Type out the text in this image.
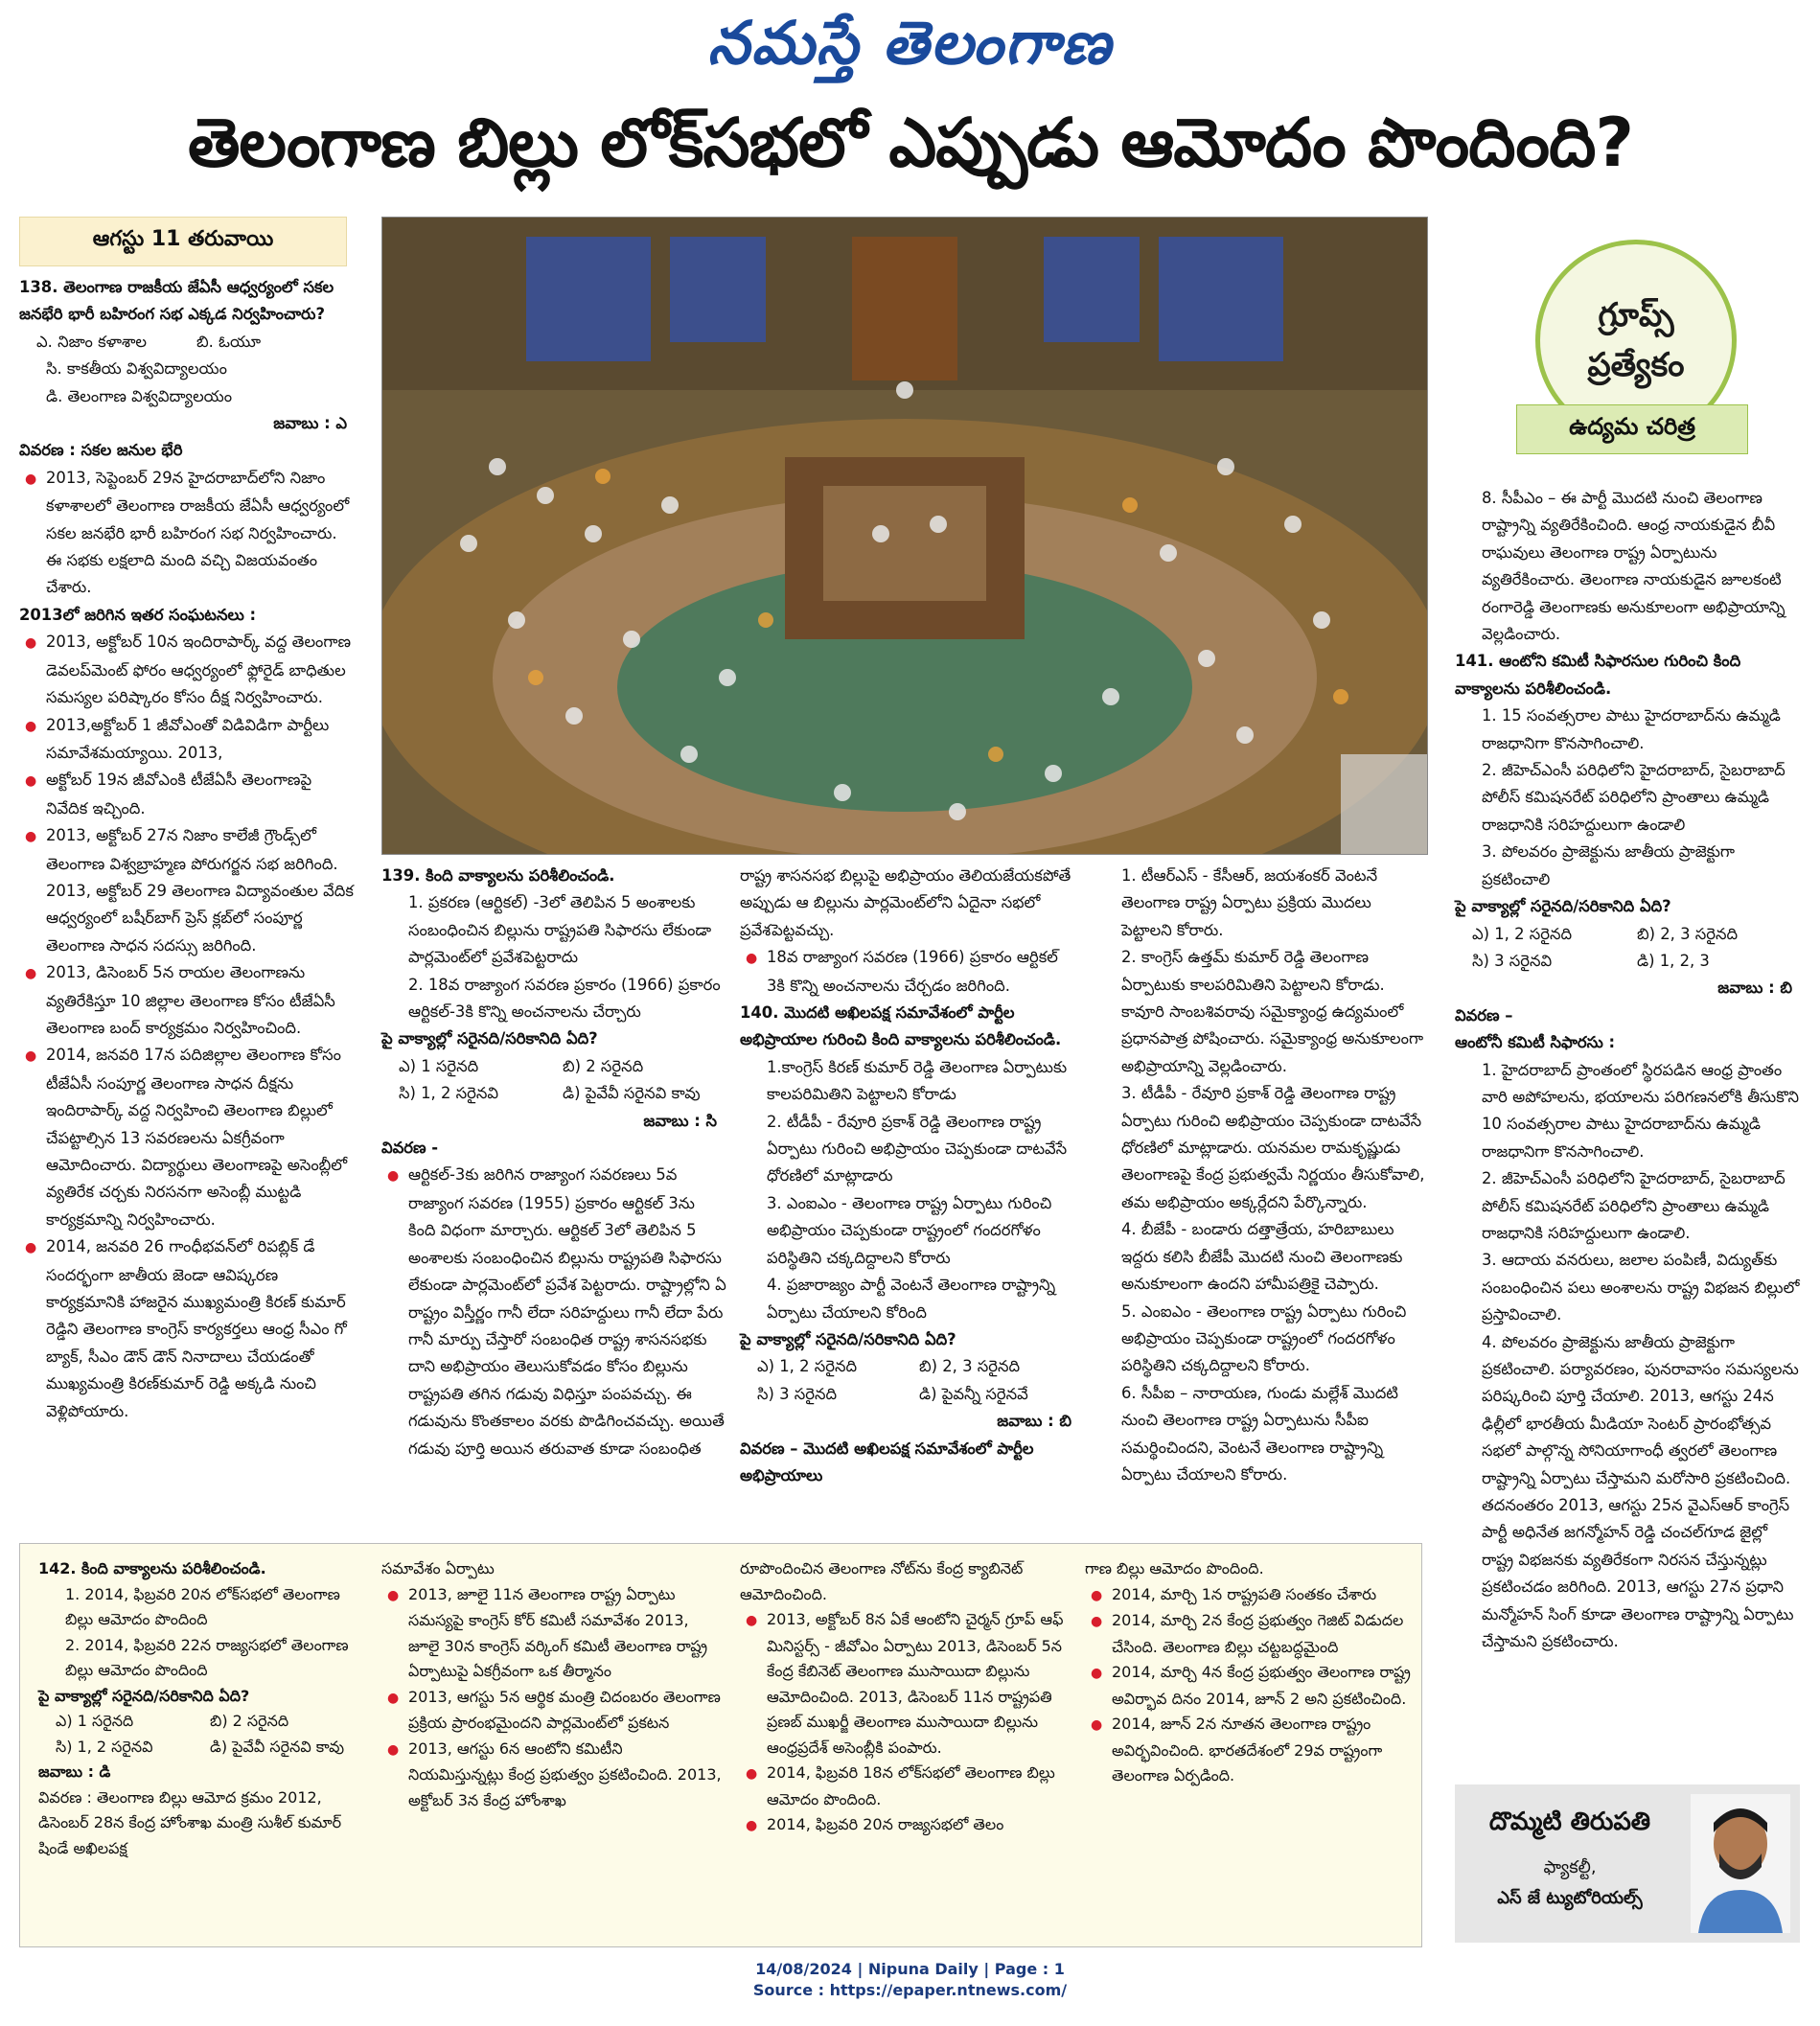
నమస్తే తెలంగాణ
తెలంగాణ బిల్లు లోక్‌సభలో ఎప్పుడు ఆమోదం పొందింది?
ఆగస్టు 11 తరువాయి

138. తెలంగాణ రాజకీయ జేఏసీ ఆధ్వర్యంలో సకల జనభేరి భారీ బహిరంగ సభ ఎక్కడ నిర్వహించారు?

ఎ. నిజాం కళాశాల	బి. ఓయూ

సి. కాకతీయ విశ్వవిద్యాలయం

డి. తెలంగాణ విశ్వవిద్యాలయం

జవాబు : ఎ

వివరణ : సకల జనుల భేరి

● 2013, సెప్టెంబర్ 29న హైదరాబాద్‌లోని నిజాం కళాశాలలో తెలంగాణ రాజకీయ జేఏసీ ఆధ్వర్యంలో సకల జనభేరి భారీ బహిరంగ సభ నిర్వహించారు. ఈ సభకు లక్షలాది మంది వచ్చి విజయవంతం చేశారు.

2013లో జరిగిన ఇతర సంఘటనలు :

● 2013, అక్టోబర్ 10న ఇందిరాపార్క్ వద్ద తెలంగాణ డెవలప్‌మెంట్ ఫోరం ఆధ్వర్యంలో ఫ్లోరైడ్ బాధితుల సమస్యల పరిష్కారం కోసం దీక్ష నిర్వహించారు.

● 2013,అక్టోబర్ 1 జీవోఎంతో విడివిడిగా పార్టీలు సమావేశమయ్యాయి. 2013,

● అక్టోబర్ 19న జీవోఎంకి టీజేఏసీ తెలంగాణపై నివేదిక ఇచ్చింది.

● 2013, అక్టోబర్ 27న నిజాం కాలేజీ గ్రౌండ్స్‌లో తెలంగాణ విశ్వబ్రాహ్మణ పోరుగర్జన సభ జరిగింది. 2013, అక్టోబర్ 29 తెలంగాణ విద్యావంతుల వేదిక ఆధ్వర్యంలో బషీర్‌బాగ్ ప్రెస్ క్లబ్‌లో సంపూర్ణ తెలంగాణ సాధన సదస్సు జరిగింది.

● 2013, డిసెంబర్ 5న రాయల తెలంగాణను వ్యతిరేకిస్తూ 10 జిల్లాల తెలంగాణ కోసం టీజేఏసీ తెలంగాణ బంద్ కార్యక్రమం నిర్వహించింది.

● 2014, జనవరి 17న పదిజిల్లాల తెలంగాణ కోసం టీజేఏసీ సంపూర్ణ తెలంగాణ సాధన దీక్షను ఇందిరాపార్క్ వద్ద నిర్వహించి తెలంగాణ బిల్లులో చేపట్టాల్సిన 13 సవరణలను ఏకగ్రీవంగా ఆమోదించారు. విద్యార్థులు తెలంగాణపై అసెంబ్లీలో వ్యతిరేక చర్చకు నిరసనగా అసెంబ్లీ ముట్టడి కార్యక్రమాన్ని నిర్వహించారు.

● 2014, జనవరి 26 గాంధీభవన్‌లో రిపబ్లిక్ డే సందర్భంగా జాతీయ జెండా ఆవిష్కరణ కార్యక్రమానికి హాజరైన ముఖ్యమంత్రి కిరణ్ కుమార్ రెడ్డిని తెలంగాణ కాంగ్రెస్ కార్యకర్తలు ఆంధ్ర సీఎం గో బ్యాక్, సీఎం డౌన్ డౌన్ నినాదాలు చేయడంతో ముఖ్యమంత్రి కిరణ్‌కుమార్ రెడ్డి అక్కడి నుంచి వెళ్లిపోయారు.

139. కింది వాక్యాలను పరిశీలించండి.

1. ప్రకరణ (ఆర్టికల్) -3లో తెలిపిన 5 అంశాలకు సంబంధించిన బిల్లును రాష్ట్రపతి సిఫారసు లేకుండా పార్లమెంట్‌లో ప్రవేశపెట్టరాదు

2. 18వ రాజ్యాంగ సవరణ ప్రకారం (1966) ప్రకారం ఆర్టికల్-3కి కొన్ని అంచనాలను చేర్చారు

పై వాక్యాల్లో సరైనది/సరికానిది ఏది?

ఎ) 1 సరైనది	బి) 2 సరైనది
సి) 1, 2 సరైనవి	డి) పైవేవీ సరైనవి కావు

జవాబు : సి

వివరణ -

● ఆర్టికల్-3కు జరిగిన రాజ్యాంగ సవరణలు 5వ రాజ్యాంగ సవరణ (1955) ప్రకారం ఆర్టికల్ 3ను కింది విధంగా మార్చారు. ఆర్టికల్ 3లో తెలిపిన 5 అంశాలకు సంబంధించిన బిల్లును రాష్ట్రపతి సిఫారసు లేకుండా పార్లమెంట్‌లో ప్రవేశ పెట్టరాదు. రాష్ట్రాల్లోని ఏ రాష్ట్రం విస్తీర్ణం గానీ లేదా సరిహద్దులు గానీ లేదా పేరు గానీ మార్పు చేస్తారో సంబంధిత రాష్ట్ర శాసనసభకు దాని అభిప్రాయం తెలుసుకోవడం కోసం బిల్లును రాష్ట్రపతి తగిన గడువు విధిస్తూ పంపవచ్చు. ఈ గడువును కొంతకాలం వరకు పొడిగించవచ్చు. అయితే గడువు పూర్తి అయిన తరువాత కూడా సంబంధిత

రాష్ట్ర శాసనసభ బిల్లుపై అభిప్రాయం తెలియజేయకపోతే అప్పుడు ఆ బిల్లును పార్లమెంట్‌లోని ఏదైనా సభలో ప్రవేశపెట్టవచ్చు.

● 18వ రాజ్యాంగ సవరణ (1966) ప్రకారం ఆర్టికల్ 3కి కొన్ని అంచనాలను చేర్చడం జరిగింది.

140. మొదటి అఖిలపక్ష సమావేశంలో పార్టీల అభిప్రాయాల గురించి కింది వాక్యాలను పరిశీలించండి.

1.కాంగ్రెస్ కిరణ్ కుమార్ రెడ్డి తెలంగాణ ఏర్పాటుకు కాలపరిమితిని పెట్టాలని కోరాడు

2. టీడీపీ - రేవూరి ప్రకాశ్ రెడ్డి తెలంగాణ రాష్ట్ర ఏర్పాటు గురించి అభిప్రాయం చెప్పకుండా దాటవేసే ధోరణిలో మాట్లాడారు

3. ఎంఐఎం - తెలంగాణ రాష్ట్ర ఏర్పాటు గురించి అభిప్రాయం చెప్పకుండా రాష్ట్రంలో గందరగోళం పరిస్థితిని చక్కదిద్దాలని కోరారు

4. ప్రజారాజ్యం పార్టీ వెంటనే తెలంగాణ రాష్ట్రాన్ని ఏర్పాటు చేయాలని కోరింది

పై వాక్యాల్లో సరైనది/సరికానిది ఏది?

ఎ) 1, 2 సరైనది	బి) 2, 3 సరైనది
సి) 3 సరైనది	డి) పైవన్నీ సరైనవే

జవాబు : బి

వివరణ – మొదటి అఖిలపక్ష సమావేశంలో పార్టీల అభిప్రాయాలు

1. టీఆర్ఎస్ - కేసీఆర్, జయశంకర్ వెంటనే తెలంగాణ రాష్ట్ర ఏర్పాటు ప్రక్రియ మొదలు పెట్టాలని కోరారు.

2. కాంగ్రెస్ ఉత్తమ్ కుమార్ రెడ్డి తెలంగాణ ఏర్పాటుకు కాలపరిమితిని పెట్టాలని కోరాడు. కావూరి సాంబశివరావు సమైక్యాంధ్ర ఉద్యమంలో ప్రధానపాత్ర పోషించారు. సమైక్యాంధ్ర అనుకూలంగా అభిప్రాయాన్ని వెల్లడించారు.

3. టీడీపీ - రేవూరి ప్రకాశ్ రెడ్డి తెలంగాణ రాష్ట్ర ఏర్పాటు గురించి అభిప్రాయం చెప్పకుండా దాటవేసే ధోరణిలో మాట్లాడారు. యనమల రామకృష్ణుడు తెలంగాణపై కేంద్ర ప్రభుత్వమే నిర్ణయం తీసుకోవాలి, తమ అభిప్రాయం అక్కర్లేదని పేర్కొన్నారు.

4. బీజేపీ - బండారు దత్తాత్రేయ, హరిబాబులు ఇద్దరు కలిసి బీజేపీ మొదటి నుంచి తెలంగాణకు అనుకూలంగా ఉందని హామీపత్రికై చెప్పారు.

5. ఎంఐఎం - తెలంగాణ రాష్ట్ర ఏర్పాటు గురించి అభిప్రాయం చెప్పకుండా రాష్ట్రంలో గందరగోళం పరిస్థితిని చక్కదిద్దాలని కోరారు.

6. సీపీఐ – నారాయణ, గుండు మల్లేశ్ మొదటి నుంచి తెలంగాణ రాష్ట్ర ఏర్పాటును సీపీఐ సమర్థించిందని, వెంటనే తెలంగాణ రాష్ట్రాన్ని ఏర్పాటు చేయాలని కోరారు.

గ్రూప్స్
ప్రత్యేకం
ఉద్యమ చరిత్ర

8. సీపీఎం – ఈ పార్టీ మొదటి నుంచి తెలంగాణ రాష్ట్రాన్ని వ్యతిరేకించింది. ఆంధ్ర నాయకుడైన బీవీ రాఘవులు తెలంగాణ రాష్ట్ర ఏర్పాటును వ్యతిరేకించారు. తెలంగాణ నాయకుడైన జూలకంటి రంగారెడ్డి తెలంగాణకు అనుకూలంగా అభిప్రాయాన్ని వెల్లడించారు.

141. ఆంటోని కమిటీ సిఫారసుల గురించి కింది వాక్యాలను పరిశీలించండి.

1. 15 సంవత్సరాల పాటు హైదరాబాద్‌ను ఉమ్మడి రాజధానిగా కొనసాగించాలి.

2. జీహెచ్‌ఎంసీ పరిధిలోని హైదరాబాద్, సైబరాబాద్ పోలీస్ కమిషనరేట్ పరిధిలోని ప్రాంతాలు ఉమ్మడి రాజధానికి సరిహద్దులుగా ఉండాలి

3. పోలవరం ప్రాజెక్టును జాతీయ ప్రాజెక్టుగా ప్రకటించాలి

పై వాక్యాల్లో సరైనది/సరికానిది ఏది?

ఎ) 1, 2 సరైనది	బి) 2, 3 సరైనది
సి) 3 సరైనవి	డి) 1, 2, 3

జవాబు : బి

వివరణ –

ఆంటోనీ కమిటీ సిఫారసు :

1. హైదరాబాద్ ప్రాంతంలో స్థిరపడిన ఆంధ్ర ప్రాంతం వారి అపోహలను, భయాలను పరిగణనలోకి తీసుకొని 10 సంవత్సరాల పాటు హైదరాబాద్‌ను ఉమ్మడి రాజధానిగా కొనసాగించాలి.

2. జీహెచ్‌ఎంసీ పరిధిలోని హైదరాబాద్, సైబరాబాద్ పోలీస్ కమిషనరేట్ పరిధిలోని ప్రాంతాలు ఉమ్మడి రాజధానికి సరిహద్దులుగా ఉండాలి.

3. ఆదాయ వనరులు, జలాల పంపిణీ, విద్యుత్‌కు సంబంధించిన పలు అంశాలను రాష్ట్ర విభజన బిల్లులో ప్రస్తావించాలి.

4. పోలవరం ప్రాజెక్టును జాతీయ ప్రాజెక్టుగా ప్రకటించాలి. పర్యావరణం, పునరావాసం సమస్యలను పరిష్కరించి పూర్తి చేయాలి. 2013, ఆగస్టు 24న ఢిల్లీలో భారతీయ మీడియా సెంటర్ ప్రారంభోత్సవ సభలో పాల్గొన్న సోనియాగాంధీ త్వరలో తెలంగాణ రాష్ట్రాన్ని ఏర్పాటు చేస్తామని మరోసారి ప్రకటించింది. తదనంతరం 2013, ఆగస్టు 25న వైఎస్ఆర్ కాంగ్రెస్ పార్టీ అధినేత జగన్మోహన్ రెడ్డి చంచల్‌గూడ జైల్లో రాష్ట్ర విభజనకు వ్యతిరేకంగా నిరసన చేస్తున్నట్లు ప్రకటించడం జరిగింది. 2013, ఆగస్టు 27న ప్రధాని మన్మోహన్ సింగ్ కూడా తెలంగాణ రాష్ట్రాన్ని ఏర్పాటు చేస్తామని ప్రకటించారు.

142. కింది వాక్యాలను పరిశీలించండి.

1. 2014, ఫిబ్రవరి 20న లోక్‌సభలో తెలంగాణ బిల్లు ఆమోదం పొందింది

2. 2014, ఫిబ్రవరి 22న రాజ్యసభలో తెలంగాణ బిల్లు ఆమోదం పొందింది

పై వాక్యాల్లో సరైనది/సరికానిది ఏది?

ఎ) 1 సరైనది	బి) 2 సరైనది
సి) 1, 2 సరైనవి	డి) పైవేవీ సరైనవి కావు

జవాబు : డి

వివరణ : తెలంగాణ బిల్లు ఆమోద క్రమం 2012, డిసెంబర్ 28న కేంద్ర హోంశాఖ మంత్రి సుశీల్ కుమార్ షిండే అఖిలపక్ష

సమావేశం ఏర్పాటు

● 2013, జూలై 11న తెలంగాణ రాష్ట్ర ఏర్పాటు సమస్యపై కాంగ్రెస్ కోర్ కమిటీ సమావేశం 2013, జూలై 30న కాంగ్రెస్ వర్కింగ్ కమిటీ తెలంగాణ రాష్ట్ర ఏర్పాటుపై ఏకగ్రీవంగా ఒక తీర్మానం

● 2013, ఆగస్టు 5న ఆర్థిక మంత్రి చిదంబరం తెలంగాణ ప్రక్రియ ప్రారంభమైందని పార్లమెంట్‌లో ప్రకటన

● 2013, ఆగస్టు 6న ఆంటోని కమిటీని నియమిస్తున్నట్లు కేంద్ర ప్రభుత్వం ప్రకటించింది. 2013, అక్టోబర్ 3న కేంద్ర హోంశాఖ

రూపొందించిన తెలంగాణ నోట్‌ను కేంద్ర క్యాబినెట్ ఆమోదించింది.

● 2013, అక్టోబర్ 8న ఏకే ఆంటోని చైర్మన్ గ్రూప్ ఆఫ్ మినిస్టర్స్ - జీవోఎం ఏర్పాటు 2013, డిసెంబర్ 5న కేంద్ర కేబినెట్ తెలంగాణ ముసాయిదా బిల్లును ఆమోదించింది. 2013, డిసెంబర్ 11న రాష్ట్రపతి ప్రణబ్ ముఖర్జీ తెలంగాణ ముసాయిదా బిల్లును ఆంధ్రప్రదేశ్ అసెంబ్లీకి పంపారు.

● 2014, ఫిబ్రవరి 18న లోక్‌సభలో తెలంగాణ బిల్లు ఆమోదం పొందింది.

● 2014, ఫిబ్రవరి 20న రాజ్యసభలో తెలం

గాణ బిల్లు ఆమోదం పొందింది.

● 2014, మార్చి 1న రాష్ట్రపతి సంతకం చేశారు

● 2014, మార్చి 2న కేంద్ర ప్రభుత్వం గెజిట్ విడుదల చేసింది. తెలంగాణ బిల్లు చట్టబద్ధమైంది

● 2014, మార్చి 4న కేంద్ర ప్రభుత్వం తెలంగాణ రాష్ట్ర అవిర్భావ దినం 2014, జూన్ 2 అని ప్రకటించింది.

● 2014, జూన్ 2న నూతన తెలంగాణ రాష్ట్రం అవిర్భవించింది. భారతదేశంలో 29వ రాష్ట్రంగా తెలంగాణ ఏర్పడింది.

దొమ్మటి తిరుపతి
ఫ్యాకల్టీ,
ఎస్ జే ట్యుటోరియల్స్
14/08/2024 | Nipuna Daily | Page : 1
Source : https://epaper.ntnews.com/
